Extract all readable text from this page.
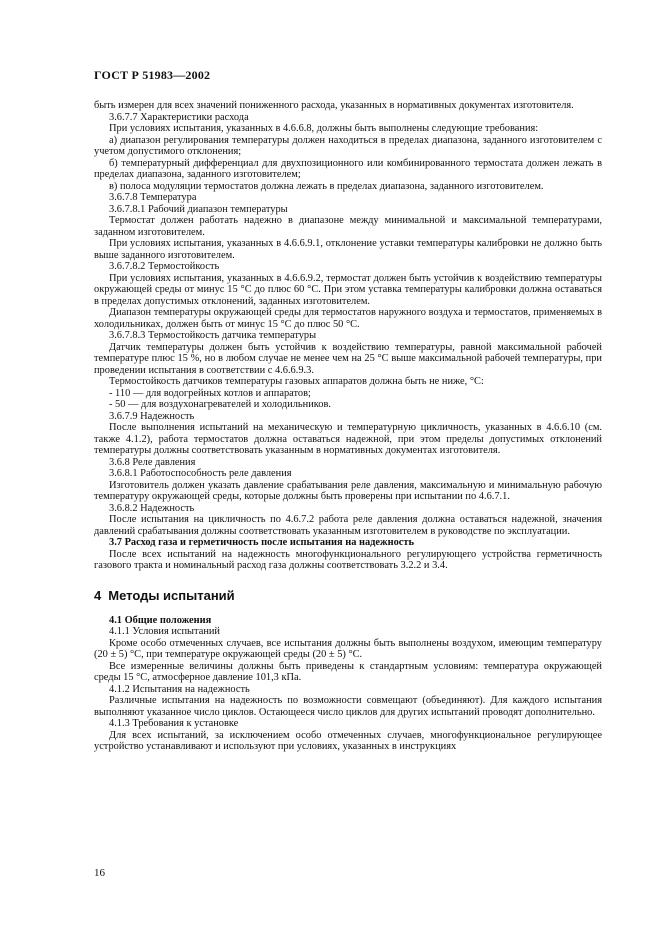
ГОСТ Р 51983—2002

быть измерен для всех значений пониженного расхода, указанных в нормативных документах изготовителя.

3.6.7.7 Характеристики расхода

При условиях испытания, указанных в 4.6.6.8, должны быть выполнены следующие требования:

а) диапазон регулирования температуры должен находиться в пределах диапазона, заданного изготовителем с учетом допустимого отклонения;

б) температурный дифференциал для двухпозиционного или комбинированного термостата должен лежать в пределах диапазона, заданного изготовителем;

в) полоса модуляции термостатов должна лежать в пределах диапазона, заданного изготовителем.

3.6.7.8 Температура

3.6.7.8.1 Рабочий диапазон температуры

Термостат должен работать надежно в диапазоне между минимальной и максимальной температурами, заданном изготовителем.

При условиях испытания, указанных в 4.6.6.9.1, отклонение уставки температуры калибровки не должно быть выше заданного изготовителем.

3.6.7.8.2 Термостойкость

При условиях испытания, указанных в 4.6.6.9.2, термостат должен быть устойчив к воздействию температуры окружающей среды от минус 15 °С до плюс 60 °С. При этом уставка температуры калибровки должна оставаться в пределах допустимых отклонений, заданных изготовителем.

Диапазон температуры окружающей среды для термостатов наружного воздуха и термостатов, применяемых в холодильниках, должен быть от минус 15 °С до плюс 50 °С.

3.6.7.8.3 Термостойкость датчика температуры

Датчик температуры должен быть устойчив к воздействию температуры, равной максимальной рабочей температуре плюс 15 %, но в любом случае не менее чем на 25 °С выше максимальной рабочей температуры, при проведении испытания в соответствии с 4.6.6.9.3.

Термостойкость датчиков температуры газовых аппаратов должна быть не ниже, °С:

- 110 — для водогрейных котлов и аппаратов;

- 50 — для воздухонагревателей и холодильников.

3.6.7.9 Надежность

После выполнения испытаний на механическую и температурную цикличность, указанных в 4.6.6.10 (см. также 4.1.2), работа термостатов должна оставаться надежной, при этом пределы допустимых отклонений температуры должны соответствовать указанным в нормативных документах изготовителя.

3.6.8 Реле давления

3.6.8.1 Работоспособность реле давления

Изготовитель должен указать давление срабатывания реле давления, максимальную и минимальную рабочую температуру окружающей среды, которые должны быть проверены при испытании по 4.6.7.1.

3.6.8.2 Надежность

После испытания на цикличность по 4.6.7.2 работа реле давления должна оставаться надежной, значения давлений срабатывания должны соответствовать указанным изготовителем в руководстве по эксплуатации.

3.7 Расход газа и герметичность после испытания на надежность

После всех испытаний на надежность многофункционального регулирующего устройства герметичность газового тракта и номинальный расход газа должны соответствовать 3.2.2 и 3.4.

4 Методы испытаний

4.1 Общие положения

4.1.1 Условия испытаний

Кроме особо отмеченных случаев, все испытания должны быть выполнены воздухом, имеющим температуру (20 ± 5) °С, при температуре окружающей среды (20 ± 5) °С.

Все измеренные величины должны быть приведены к стандартным условиям: температура окружающей среды 15 °С, атмосферное давление 101,3 кПа.

4.1.2 Испытания на надежность

Различные испытания на надежность по возможности совмещают (объединяют). Для каждого испытания выполняют указанное число циклов. Остающееся число циклов для других испытаний проводят дополнительно.

4.1.3 Требования к установке

Для всех испытаний, за исключением особо отмеченных случаев, многофункциональное регулирующее устройство устанавливают и используют при условиях, указанных в инструкциях

16
